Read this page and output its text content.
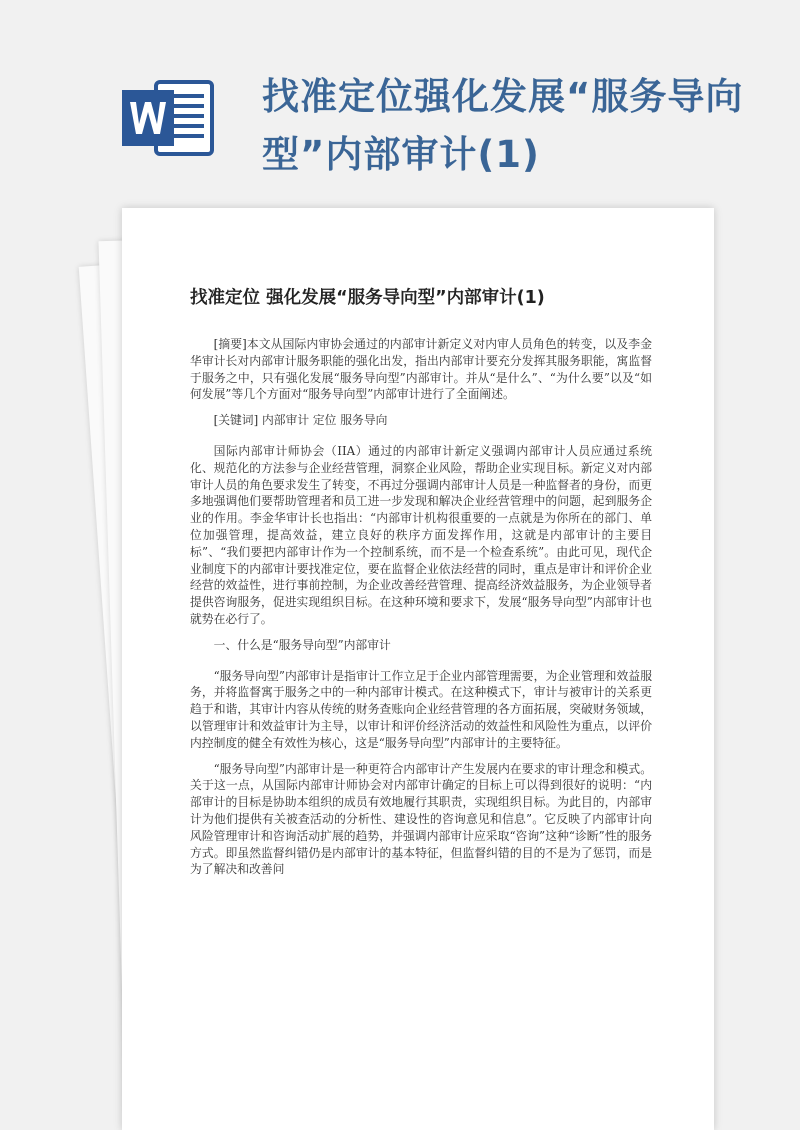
找准定位强化发展“服务导向型”内部审计(1)
找准定位 强化发展“服务导向型”内部审计(1)

[摘要]本文从国际内审协会通过的内部审计新定义对内审人员角色的转变，以及李金华审计长对内部审计服务职能的强化出发，指出内部审计要充分发挥其服务职能，寓监督于服务之中，只有强化发展“服务导向型”内部审计。并从“是什么”、“为什么要”以及“如何发展”等几个方面对“服务导向型”内部审计进行了全面阐述。

[关键词] 内部审计 定位 服务导向

国际内部审计师协会（IIA）通过的内部审计新定义强调内部审计人员应通过系统化、规范化的方法参与企业经营管理，洞察企业风险，帮助企业实现目标。新定义对内部审计人员的角色要求发生了转变，不再过分强调内部审计人员是一种监督者的身份，而更多地强调他们要帮助管理者和员工进一步发现和解决企业经营管理中的问题，起到服务企业的作用。李金华审计长也指出：“内部审计机构很重要的一点就是为你所在的部门、单位加强管理，提高效益，建立良好的秩序方面发挥作用，这就是内部审计的主要目标”、“我们要把内部审计作为一个控制系统，而不是一个检查系统”。由此可见，现代企业制度下的内部审计要找准定位，要在监督企业依法经营的同时，重点是审计和评价企业经营的效益性，进行事前控制，为企业改善经营管理、提高经济效益服务，为企业领导者提供咨询服务，促进实现组织目标。在这种环境和要求下，发展“服务导向型”内部审计也就势在必行了。

一、什么是“服务导向型”内部审计

“服务导向型”内部审计是指审计工作立足于企业内部管理需要，为企业管理和效益服务，并将监督寓于服务之中的一种内部审计模式。在这种模式下，审计与被审计的关系更趋于和谐，其审计内容从传统的财务查账向企业经营管理的各方面拓展，突破财务领域，以管理审计和效益审计为主导，以审计和评价经济活动的效益性和风险性为重点，以评价内控制度的健全有效性为核心，这是“服务导向型”内部审计的主要特征。

“服务导向型”内部审计是一种更符合内部审计产生发展内在要求的审计理念和模式。关于这一点，从国际内部审计师协会对内部审计确定的目标上可以得到很好的说明：“内部审计的目标是协助本组织的成员有效地履行其职责，实现组织目标。为此目的，内部审计为他们提供有关被查活动的分析性、建设性的咨询意见和信息”。它反映了内部审计向风险管理审计和咨询活动扩展的趋势，并强调内部审计应采取“咨询”这种“诊断”性的服务方式。即虽然监督纠错仍是内部审计的基本特征，但监督纠错的目的不是为了惩罚，而是为了解决和改善问
